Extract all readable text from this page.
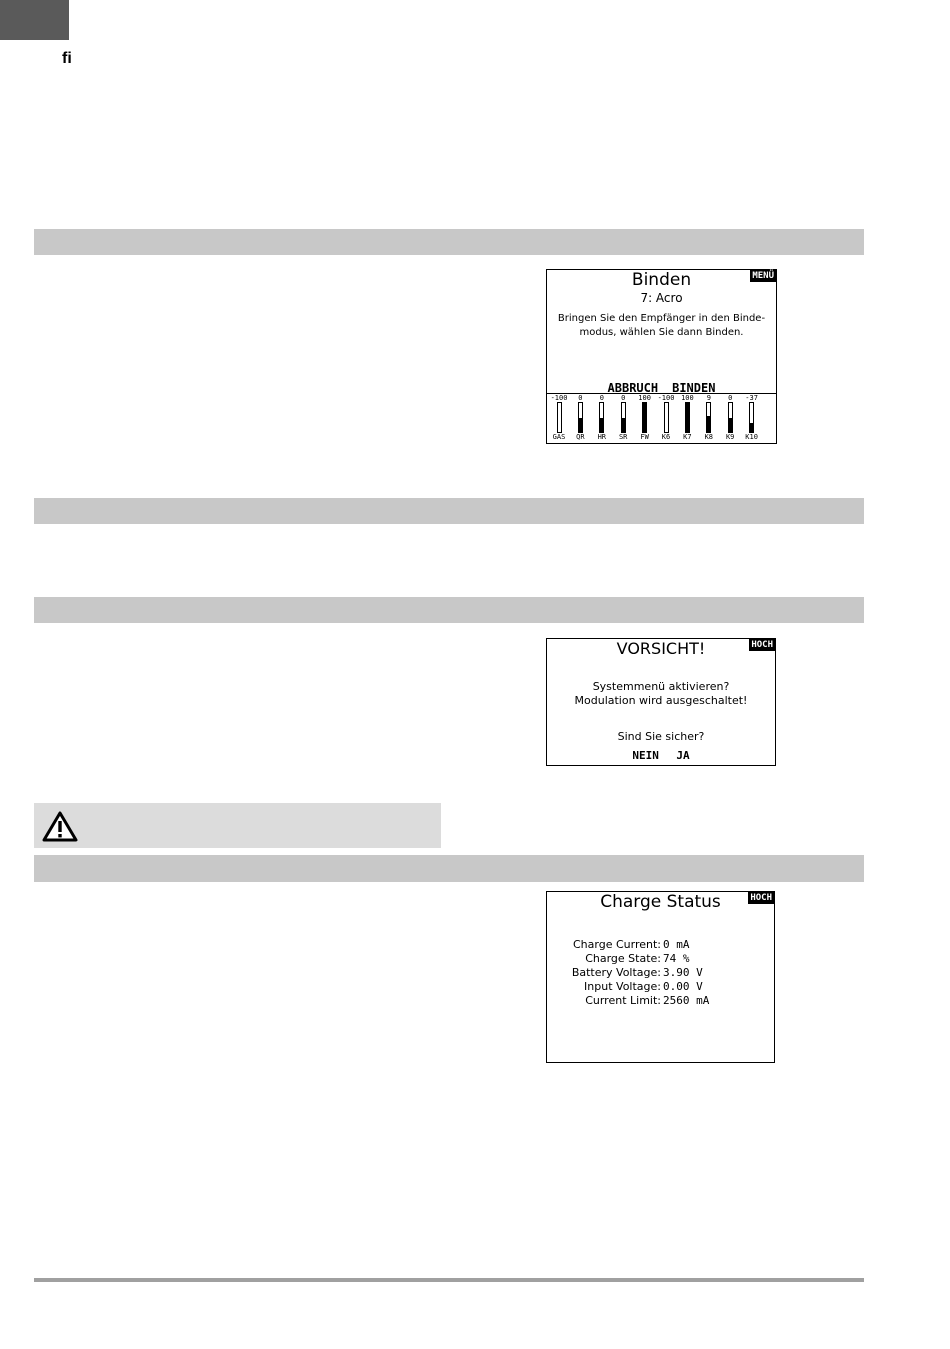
fi
MENÜ
Binden
7: Acro
Bringen Sie den Empfänger in den Binde-
modus, wählen Sie dann Binden.
ABBRUCH BINDEN
-100
GAS
0
QR
0
HR
0
SR
100
FW
-100
K6
100
K7
9
K8
0
K9
-37
K10
HOCH
VORSICHT!
Systemmenü aktivieren?
Modulation wird ausgeschaltet!
Sind Sie sicher?
NEIN JA
HOCH
Charge Status
Charge Current: 0 mA
Charge State: 74 %
Battery Voltage: 3.90 V
Input Voltage: 0.00 V
Current Limit: 2560 mA
